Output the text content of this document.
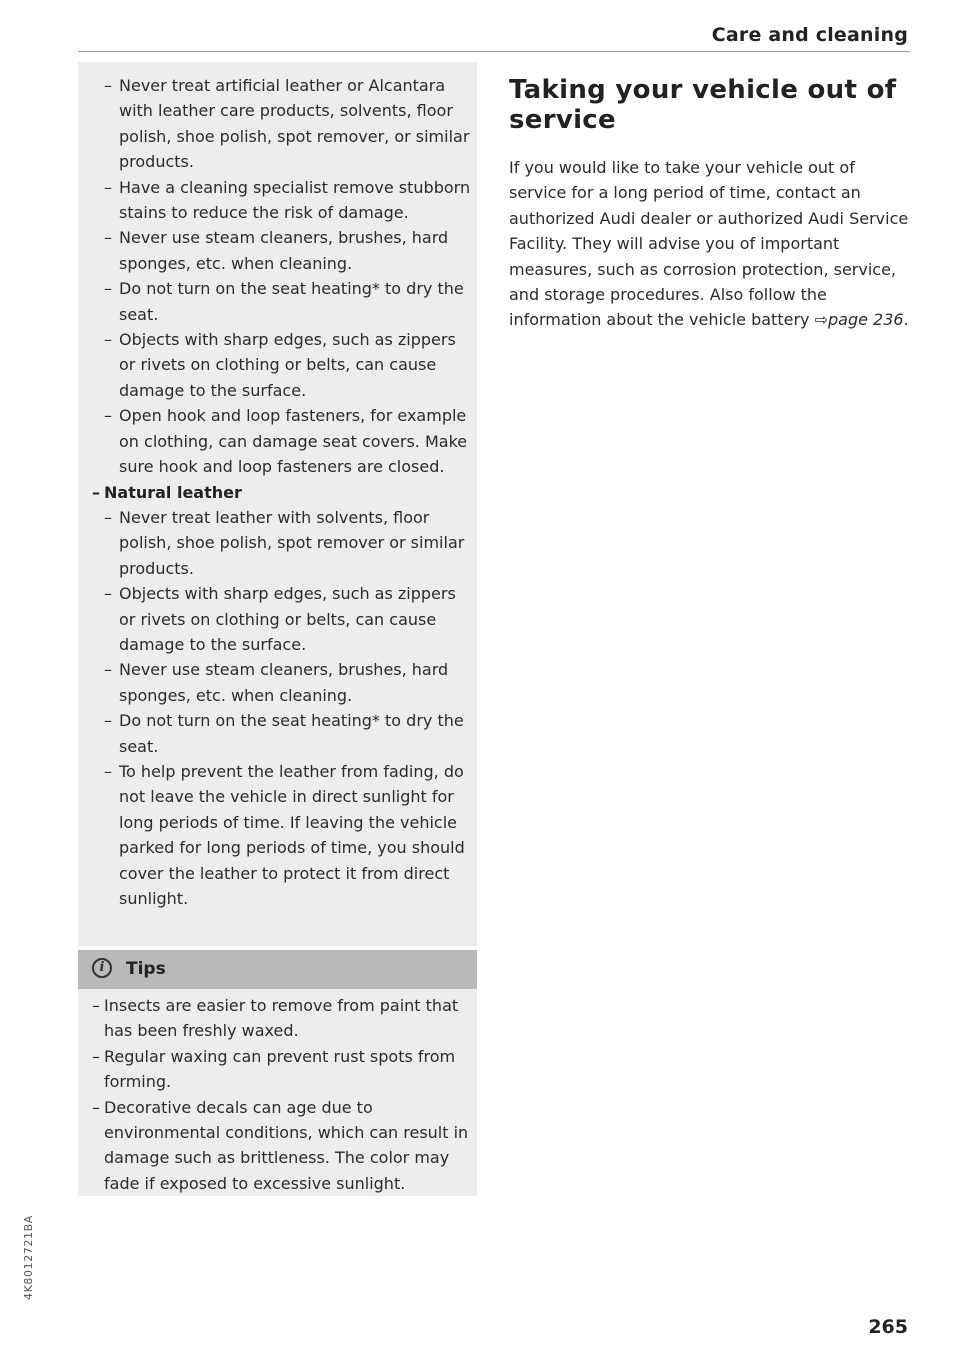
Care and cleaning
– Never treat artificial leather or Alcantara with leather care products, solvents, floor polish, shoe polish, spot remover, or similar products.
– Have a cleaning specialist remove stubborn stains to reduce the risk of damage.
– Never use steam cleaners, brushes, hard sponges, etc. when cleaning.
– Do not turn on the seat heating* to dry the seat.
– Objects with sharp edges, such as zippers or rivets on clothing or belts, can cause damage to the surface.
– Open hook and loop fasteners, for example on clothing, can damage seat covers. Make sure hook and loop fasteners are closed.
– Natural leather
– Never treat leather with solvents, floor polish, shoe polish, spot remover or similar products.
– Objects with sharp edges, such as zippers or rivets on clothing or belts, can cause damage to the surface.
– Never use steam cleaners, brushes, hard sponges, etc. when cleaning.
– Do not turn on the seat heating* to dry the seat.
– To help prevent the leather from fading, do not leave the vehicle in direct sunlight for long periods of time. If leaving the vehicle parked for long periods of time, you should cover the leather to protect it from direct sunlight.
i	Tips
– Insects are easier to remove from paint that has been freshly waxed.
– Regular waxing can prevent rust spots from forming.
– Decorative decals can age due to environmental conditions, which can result in damage such as brittleness. The color may fade if exposed to excessive sunlight.
Taking your vehicle out of service
If you would like to take your vehicle out of service for a long period of time, contact an authorized Audi dealer or authorized Audi Service Facility. They will advise you of important measures, such as corrosion protection, service, and storage procedures. Also follow the information about the vehicle battery ⇨page 236.
4K8012721BA
265
